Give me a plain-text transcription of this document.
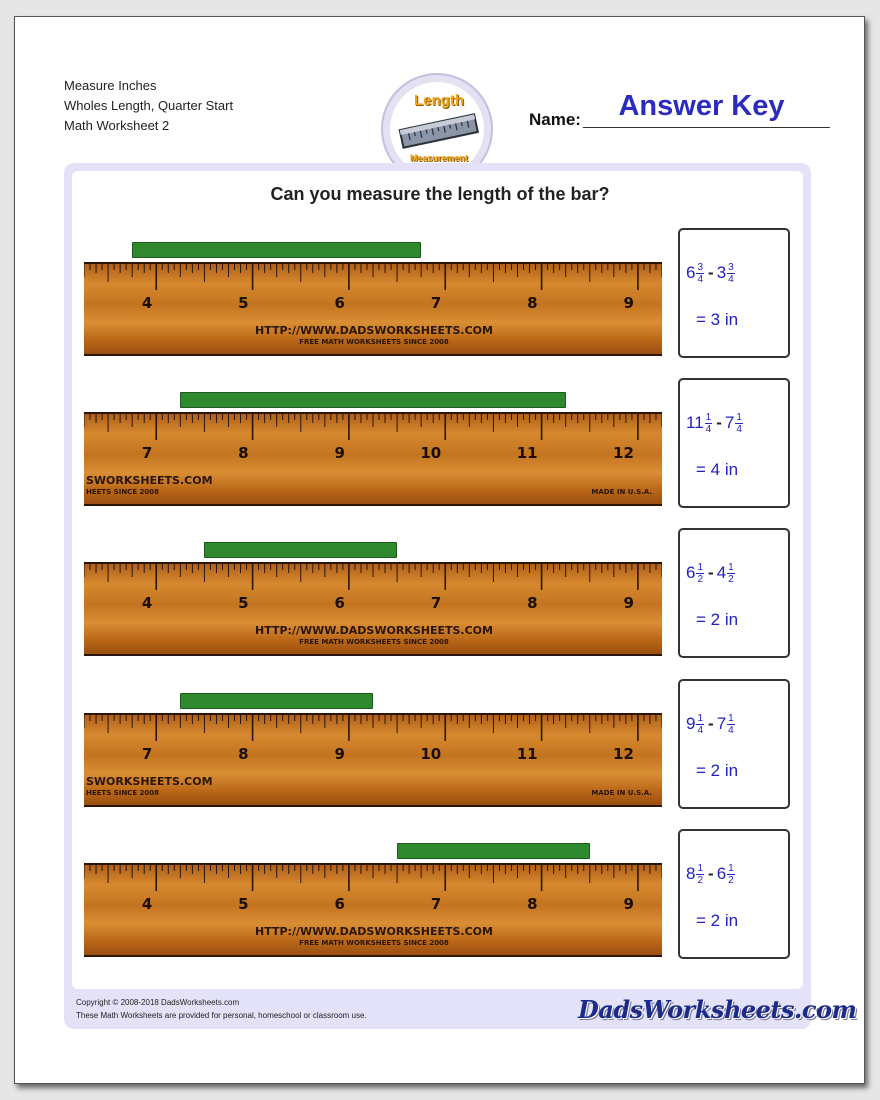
Measure Inches
Wholes Length, Quarter Start
Math Worksheet 2
Length
Measurement
Answer Key
Name:
Can you measure the length of the bar?
4	5	6	7	8	9
HTTP://WWW.DADSWORKSHEETS.COM
FREE MATH WORKSHEETS SINCE 2008
$6 \frac{3}{4} - 3 \frac{3}{4}$
= 3 in
7	8	9	10	11	12
SWORKSHEETS.COM
HEETS SINCE 2008	MADE IN U.S.A.
$11 \frac{1}{4} - 7 \frac{1}{4}$
= 4 in
4	5	6	7	8	9
HTTP://WWW.DADSWORKSHEETS.COM
FREE MATH WORKSHEETS SINCE 2008
$6 \frac{1}{2} - 4 \frac{1}{2}$
= 2 in
7	8	9	10	11	12
SWORKSHEETS.COM
HEETS SINCE 2008	MADE IN U.S.A.
$9 \frac{1}{4} - 7 \frac{1}{4}$
= 2 in
4	5	6	7	8	9
HTTP://WWW.DADSWORKSHEETS.COM
FREE MATH WORKSHEETS SINCE 2008
$8 \frac{1}{2} - 6 \frac{1}{2}$
= 2 in
Copyright © 2008-2018 DadsWorksheets.com
These Math Worksheets are provided for personal, homeschool or classroom use.	DadsWorksheets.com
